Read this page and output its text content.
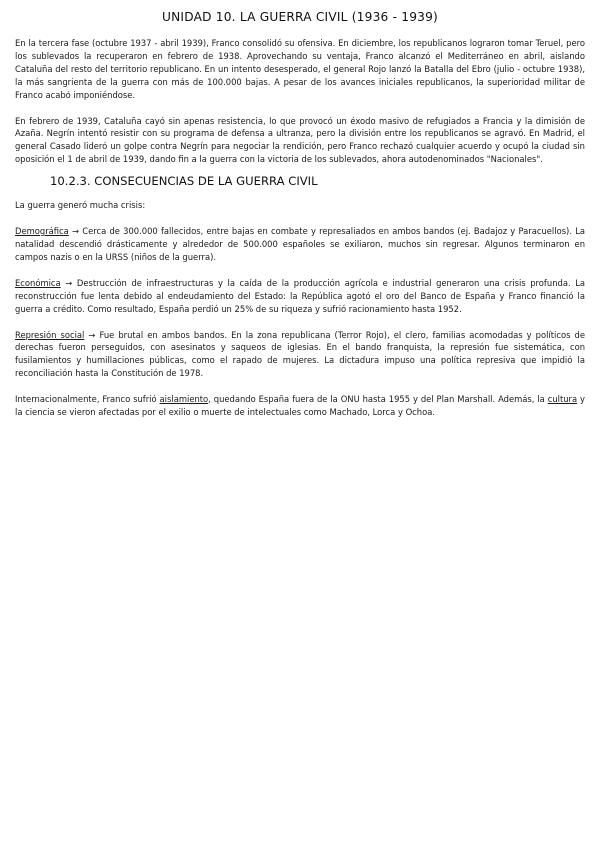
UNIDAD 10. LA GUERRA CIVIL (1936 - 1939)

En la tercera fase (octubre 1937 - abril 1939), Franco consolidó su ofensiva. En diciembre, los republicanos lograron tomar Teruel, pero los sublevados la recuperaron en febrero de 1938. Aprovechando su ventaja, Franco alcanzó el Mediterráneo en abril, aislando Cataluña del resto del territorio republicano. En un intento desesperado, el general Rojo lanzó la Batalla del Ebro (julio - octubre 1938), la más sangrienta de la guerra con más de 100.000 bajas. A pesar de los avances iniciales republicanos, la superioridad militar de Franco acabó imponiéndose.

En febrero de 1939, Cataluña cayó sin apenas resistencia, lo que provocó un éxodo masivo de refugiados a Francia y la dimisión de Azaña. Negrín intentó resistir con su programa de defensa a ultranza, pero la división entre los republicanos se agravó. En Madrid, el general Casado lideró un golpe contra Negrín para negociar la rendición, pero Franco rechazó cualquier acuerdo y ocupó la ciudad sin oposición el 1 de abril de 1939, dando fin a la guerra con la victoria de los sublevados, ahora autodenominados "Nacionales".

10.2.3. CONSECUENCIAS DE LA GUERRA CIVIL

La guerra generó mucha crisis:

Demográfica → Cerca de 300.000 fallecidos, entre bajas en combate y represaliados en ambos bandos (ej. Badajoz y Paracuellos). La natalidad descendió drásticamente y alrededor de 500.000 españoles se exiliaron, muchos sin regresar. Algunos terminaron en campos nazis o en la URSS (niños de la guerra).

Económica → Destrucción de infraestructuras y la caída de la producción agrícola e industrial generaron una crisis profunda. La reconstrucción fue lenta debido al endeudamiento del Estado: la República agotó el oro del Banco de España y Franco financió la guerra a crédito. Como resultado, España perdió un 25% de su riqueza y sufrió racionamiento hasta 1952.

Represión social → Fue brutal en ambos bandos. En la zona republicana (Terror Rojo), el clero, familias acomodadas y políticos de derechas fueron perseguidos, con asesinatos y saqueos de iglesias. En el bando franquista, la represión fue sistemática, con fusilamientos y humillaciones públicas, como el rapado de mujeres. La dictadura impuso una política represiva que impidió la reconciliación hasta la Constitución de 1978.

Internacionalmente, Franco sufrió aislamiento, quedando España fuera de la ONU hasta 1955 y del Plan Marshall. Además, la cultura y la ciencia se vieron afectadas por el exilio o muerte de intelectuales como Machado, Lorca y Ochoa.
